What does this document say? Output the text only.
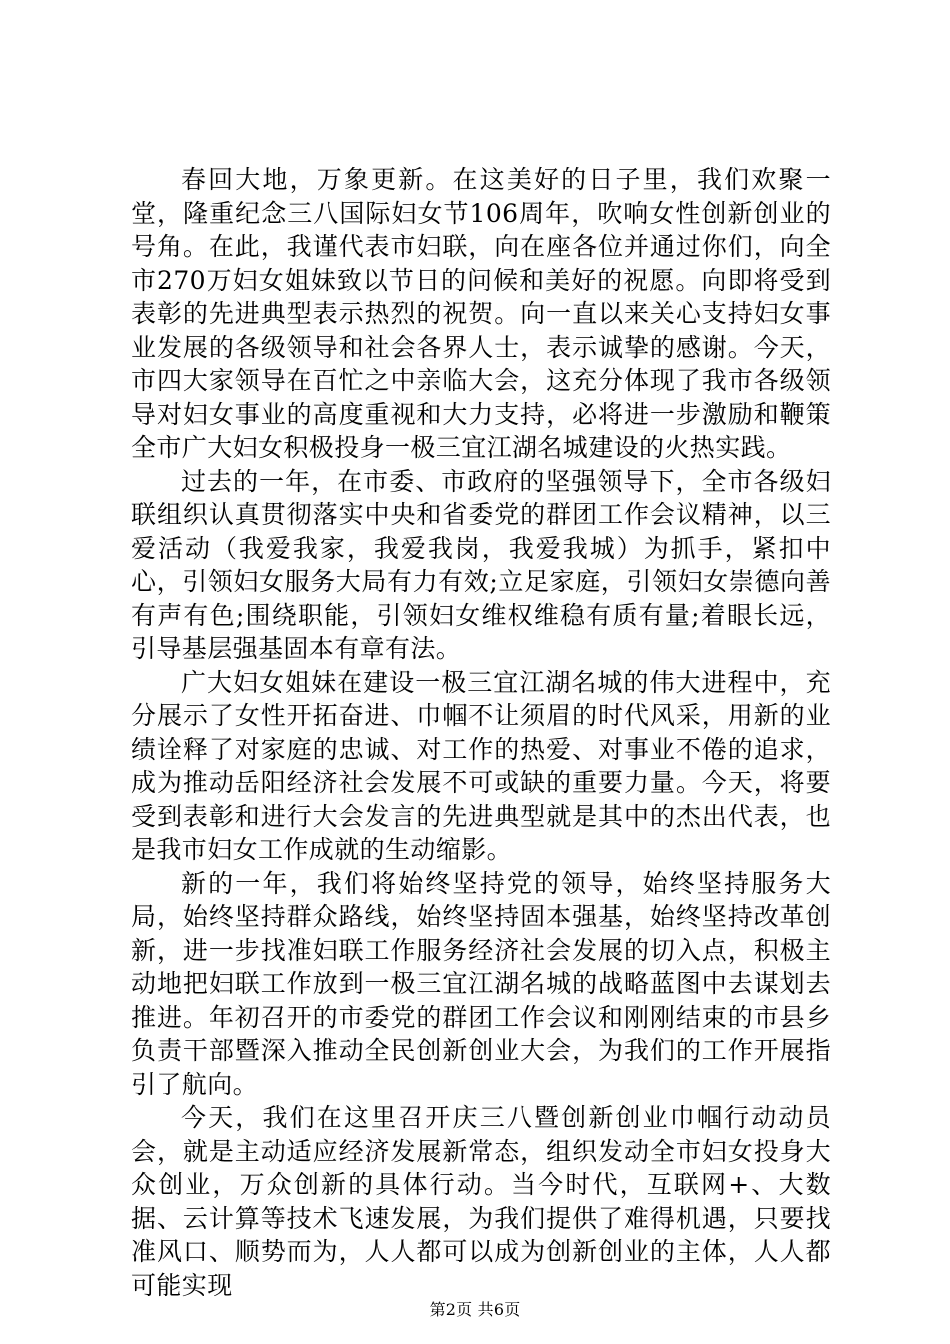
春回大地，万象更新。在这美好的日子里，我们欢聚一堂，隆重纪念三八国际妇女节106周年，吹响女性创新创业的号角。在此，我谨代表市妇联，向在座各位并通过你们，向全市270万妇女姐妹致以节日的问候和美好的祝愿。向即将受到表彰的先进典型表示热烈的祝贺。向一直以来关心支持妇女事业发展的各级领导和社会各界人士，表示诚挚的感谢。今天，市四大家领导在百忙之中亲临大会，这充分体现了我市各级领导对妇女事业的高度重视和大力支持，必将进一步激励和鞭策全市广大妇女积极投身一极三宜江湖名城建设的火热实践。

过去的一年，在市委、市政府的坚强领导下，全市各级妇联组织认真贯彻落实中央和省委党的群团工作会议精神，以三爱活动（我爱我家，我爱我岗，我爱我城）为抓手，紧扣中心，引领妇女服务大局有力有效;立足家庭，引领妇女崇德向善有声有色;围绕职能，引领妇女维权维稳有质有量;着眼长远，引导基层强基固本有章有法。

广大妇女姐妹在建设一极三宜江湖名城的伟大进程中，充分展示了女性开拓奋进、巾帼不让须眉的时代风采，用新的业绩诠释了对家庭的忠诚、对工作的热爱、对事业不倦的追求，成为推动岳阳经济社会发展不可或缺的重要力量。今天，将要受到表彰和进行大会发言的先进典型就是其中的杰出代表，也是我市妇女工作成就的生动缩影。

新的一年，我们将始终坚持党的领导，始终坚持服务大局，始终坚持群众路线，始终坚持固本强基，始终坚持改革创新，进一步找准妇联工作服务经济社会发展的切入点，积极主动地把妇联工作放到一极三宜江湖名城的战略蓝图中去谋划去推进。年初召开的市委党的群团工作会议和刚刚结束的市县乡负责干部暨深入推动全民创新创业大会，为我们的工作开展指引了航向。

今天，我们在这里召开庆三八暨创新创业巾帼行动动员会，就是主动适应经济发展新常态，组织发动全市妇女投身大众创业，万众创新的具体行动。当今时代，互联网+、大数据、云计算等技术飞速发展，为我们提供了难得机遇，只要找准风口、顺势而为，人人都可以成为创新创业的主体，人人都可能实现

第2页 共6页
